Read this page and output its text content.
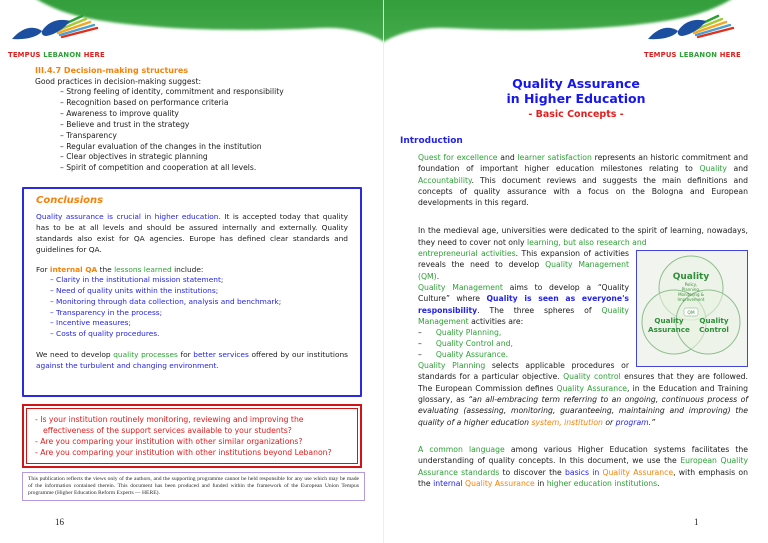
TEMPUS LEBANON HERE
III.4.7 Decision-making structures
Good practices in decision-making suggest:
– Strong feeling of identity, commitment and responsibility
– Recognition based on performance criteria
– Awareness to improve quality
– Believe and trust in the strategy
– Transparency
– Regular evaluation of the changes in the institution
– Clear objectives in strategic planning
– Spirit of competition and cooperation at all levels.
Conclusions

Quality assurance is crucial in higher education. It is accepted today that quality has to be at all levels and should be assured internally and externally. Quality standards also exist for QA agencies. Europe has defined clear standards and guidelines for QA.

For internal QA the lessons learned include:

– Clarity in the institutional mission statement;
– Need of quality units within the institutions;
– Monitoring through data collection, analysis and benchmark;
– Transparency in the process;
– Incentive measures;
– Costs of quality procedures.

We need to develop quality processes for better services offered by our institutions against the turbulent and changing environment.

- Is your institution routinely monitoring, reviewing and improving the effectiveness of the support services available to your students?
- Are you comparing your institution with other similar organizations?
- Are you comparing your institution with other institutions beyond Lebanon?
This publication reflects the views only of the authors, and the supporting programme cannot be held responsible for any use which may be made of the information contained therein. This document has been produced and funded within the framework of the European Union Tempus programme (Higher Education Reform Experts — HERE).
16
TEMPUS LEBANON HERE
Quality Assurance
in Higher Education
- Basic Concepts -
Introduction

Quest for excellence and learner satisfaction represents an historic commitment and foundation of important higher education milestones relating to Quality and Accountability. This document reviews and suggests the main definitions and concepts of quality assurance with a focus on the Bologna and European developments in this regard.

In the medieval age, universities were dedicated to the spirit of learning, nowadays, they need to cover not only learning, but also research and

Quality
Policy,
Planning,
Monitoring &
Improvement
Quality
Assurance
Quality
Control
QM

entrepreneurial activities. This expansion of activities reveals the need to develop Quality Management (QM).

Quality Management aims to develop a “Quality Culture” where Quality is seen as everyone's responsibility. The three spheres of Quality Management activities are:

– Quality Planning,
– Quality Control and,
– Quality Assurance.

Quality Planning selects applicable procedures or standards for a particular objective. Quality control ensures that they are followed. The European Commission defines Quality Assurance, in the Education and Training glossary, as “an all-embracing term referring to an ongoing, continuous process of evaluating (assessing, monitoring, guaranteeing, maintaining and improving) the quality of a higher education system, institution or program.”

A common language among various Higher Education systems facilitates the understanding of quality concepts. In this document, we use the European Quality Assurance standards to discover the basics in Quality Assurance, with emphasis on the internal Quality Assurance in higher education institutions.

1
